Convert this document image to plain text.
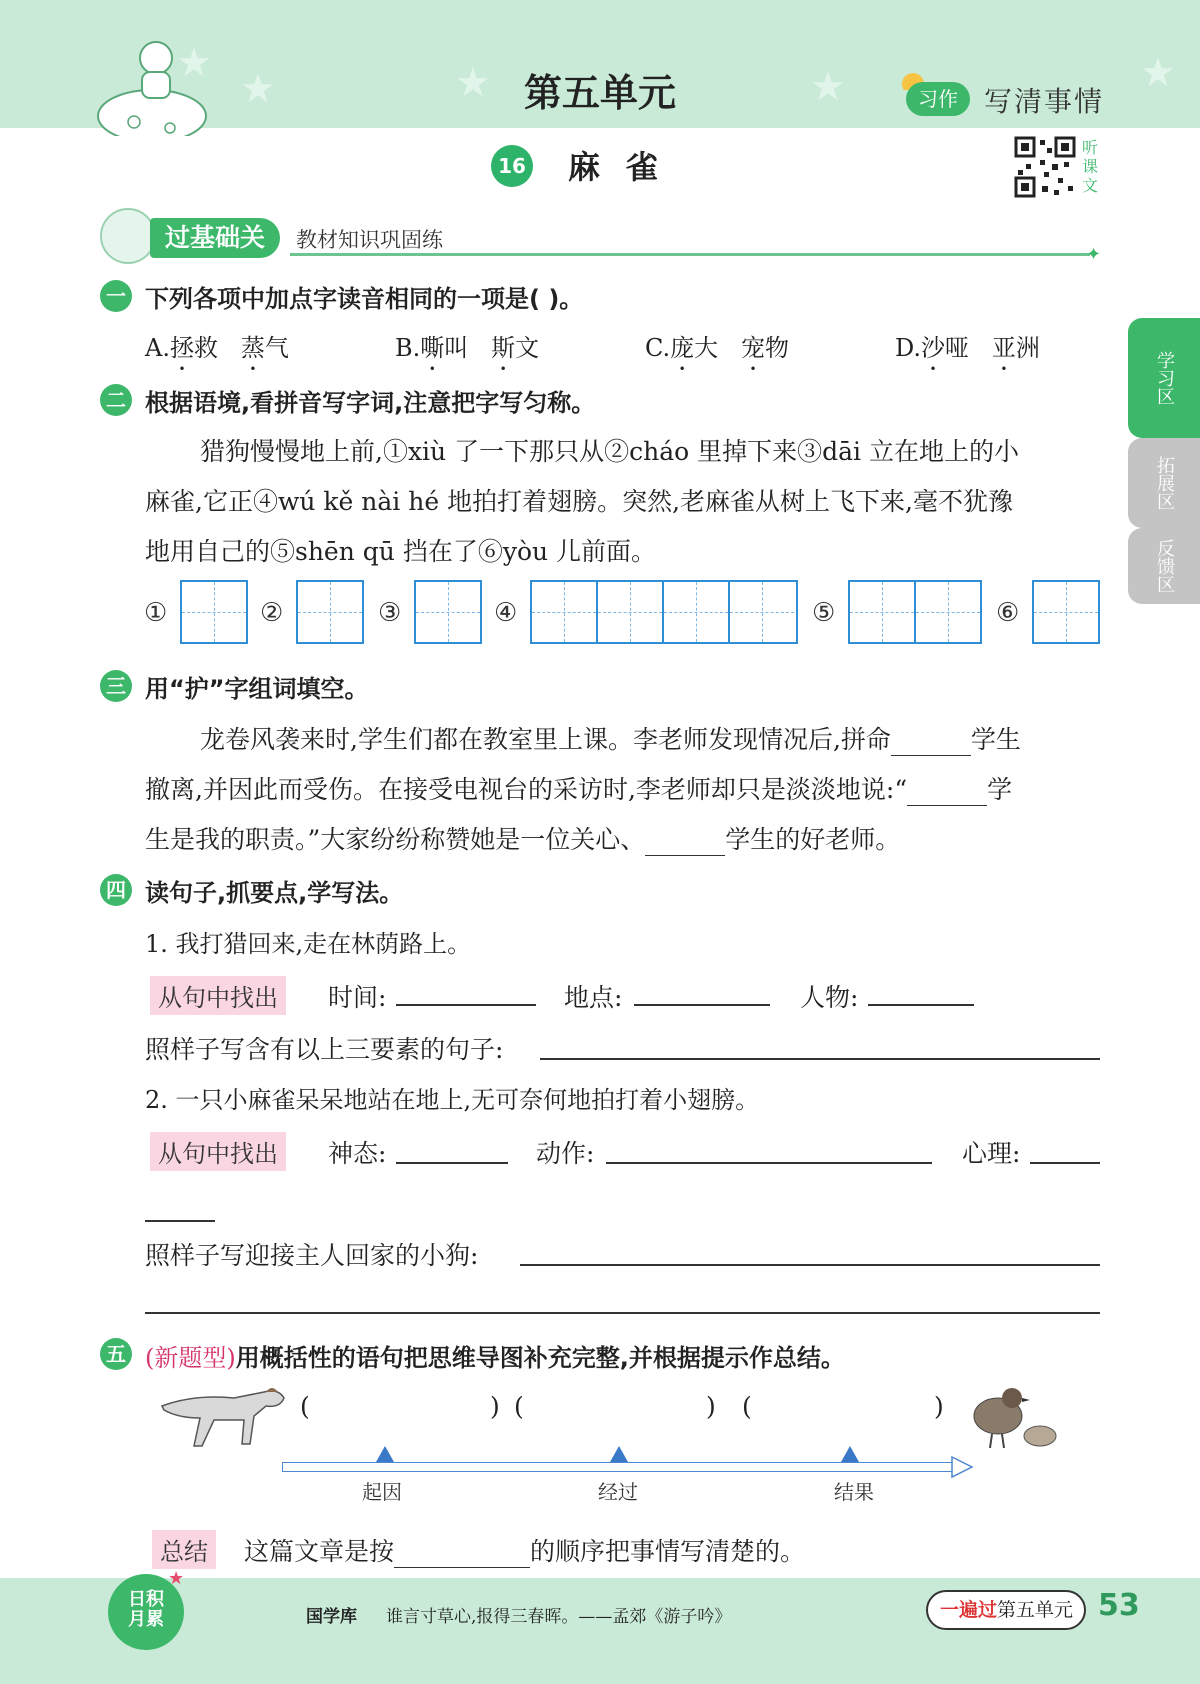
★
★	★	★	★
第五单元	习作 写清事情
16 麻雀
听课文
学习区
拓展区
反馈区
过基础关	教材知识巩固练
✦
一 下列各项中加点字读音相同的一项是( )。
A.拯救 蒸气	B.嘶叫 斯文	C.庞大 宠物	D.沙哑 亚洲
二 根据语境,看拼音写字词,注意把字写匀称。
猎狗慢慢地上前,①xiù 了一下那只从②cháo 里掉下来③dāi 立在地上的小
麻雀,它正④wú kě nài hé 地拍打着翅膀。突然,老麻雀从树上飞下来,毫不犹豫
地用自己的⑤shēn qū 挡在了⑥yòu 儿前面。
①	②	③	④	⑤	⑥
三 用“护”字组词填空。
龙卷风袭来时,学生们都在教室里上课。李老师发现情况后,拼命	学生
撤离,并因此而受伤。在接受电视台的采访时,李老师却只是淡淡地说:“	学
生是我的职责。”大家纷纷称赞她是一位关心、	学生的好老师。
四 读句子,抓要点,学写法。
1. 我打猎回来,走在林荫路上。
从句中找出	时间:	地点:	人物:
照样子写含有以上三要素的句子:
2. 一只小麻雀呆呆地站在地上,无可奈何地拍打着小翅膀。
从句中找出	神态:	动作:	心理:
照样子写迎接主人回家的小狗:
五 (新题型)用概括性的语句把思维导图补充完整,并根据提示作总结。
(	) (	) (	)
起因	经过	结果
总结	这篇文章是按	的顺序把事情写清楚的。
日积月累
★
国学库 谁言寸草心,报得三春晖。——孟郊《游子吟》	一遍过第五单元 53
